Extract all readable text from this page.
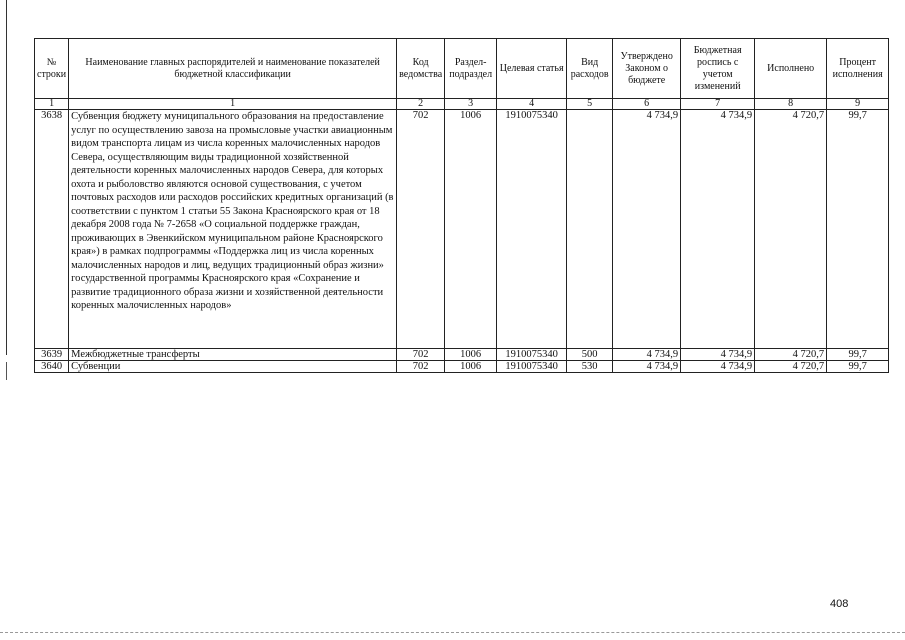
№ строки	Наименование главных распорядителей и наименование показателей бюджетной классификации	Код ведомства	Раздел-подраздел	Целевая статья	Вид расходов	Утверждено Законом о бюджете	Бюджетная роспись с учетом изменений	Исполнено	Процент исполнения
1	1	2	3	4	5	6	7	8	9
3638	Субвенция бюджету муниципального образования на предоставление услуг по осуществлению завоза на промысловые участки авиационным видом транспорта лицам из числа коренных малочисленных народов Севера, осуществляющим виды традиционной хозяйственной деятельности коренных малочисленных народов Севера, для которых охота и рыболовство являются основой существования, с учетом почтовых расходов или расходов российских кредитных организаций (в соответствии с пунктом 1 статьи 55 Закона Красноярского края от 18 декабря 2008 года № 7-2658 «О социальной поддержке граждан, проживающих в Эвенкийском муниципальном районе Красноярского края») в рамках подпрограммы «Поддержка лиц из числа коренных малочисленных народов и лиц, ведущих традиционный образ жизни» государственной программы Красноярского края «Сохранение и развитие традиционного образа жизни и хозяйственной деятельности коренных малочисленных народов»	702	1006	1910075340		4 734,9	4 734,9	4 720,7	99,7
3639	Межбюджетные трансферты	702	1006	1910075340	500	4 734,9	4 734,9	4 720,7	99,7
3640	Субвенции	702	1006	1910075340	530	4 734,9	4 734,9	4 720,7	99,7
408
